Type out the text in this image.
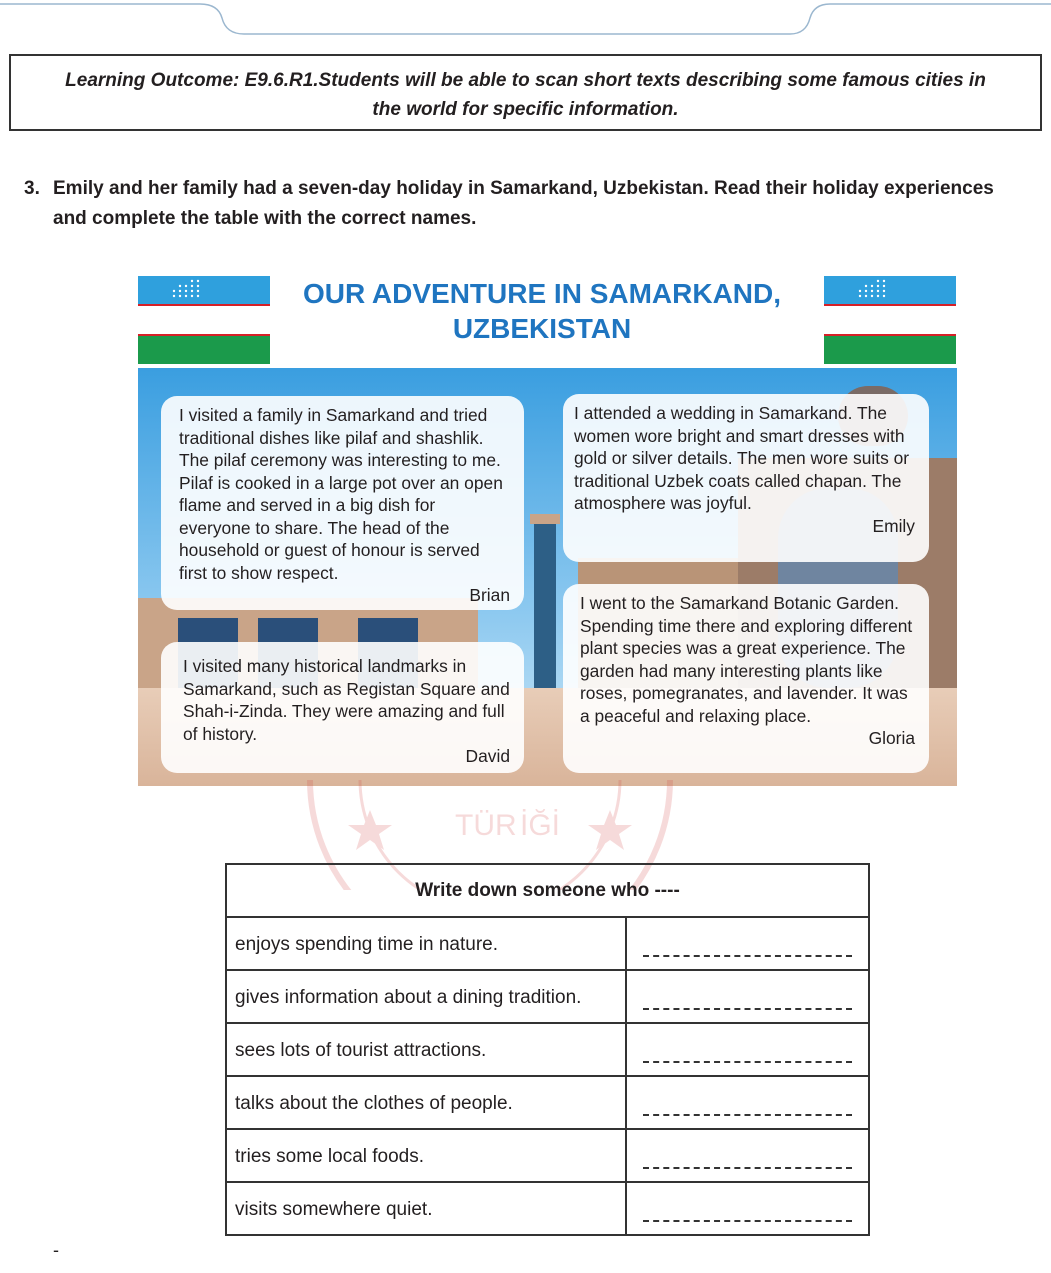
Learning Outcome: E9.6.R1.Students will be able to scan short texts describing some famous cities in
the world for specific information.
3. Emily and her family had a seven-day holiday in Samarkand, Uzbekistan. Read their holiday experiences and complete the table with the correct names.
OUR ADVENTURE IN SAMARKAND,
UZBEKISTAN
I visited a family in Samarkand and tried traditional dishes like pilaf and shashlik. The pilaf ceremony was interesting to me. Pilaf is cooked in a large pot over an open flame and served in a big dish for everyone to share. The head of the household or guest of honour is served first to show respect.
Brian
I attended a wedding in Samarkand. The women wore bright and smart dresses with gold or silver details. The men wore suits or traditional Uzbek coats called chapan. The atmosphere was joyful.
Emily
I visited many historical landmarks in Samarkand, such as Registan Square and Shah-i-Zinda. They were amazing and full of history.
David
I went to the Samarkand Botanic Garden. Spending time there and exploring different plant species was a great experience. The garden had many interesting plants like roses, pomegranates, and lavender. It was a peaceful and relaxing place.
Gloria
TÜR İĞİ
Write down someone who ----	
enjoys spending time in nature.	

gives information about a dining tradition.	

sees lots of tourist attractions.	

talks about the clothes of people.	

tries some local foods.	

visits somewhere quiet.	
-
